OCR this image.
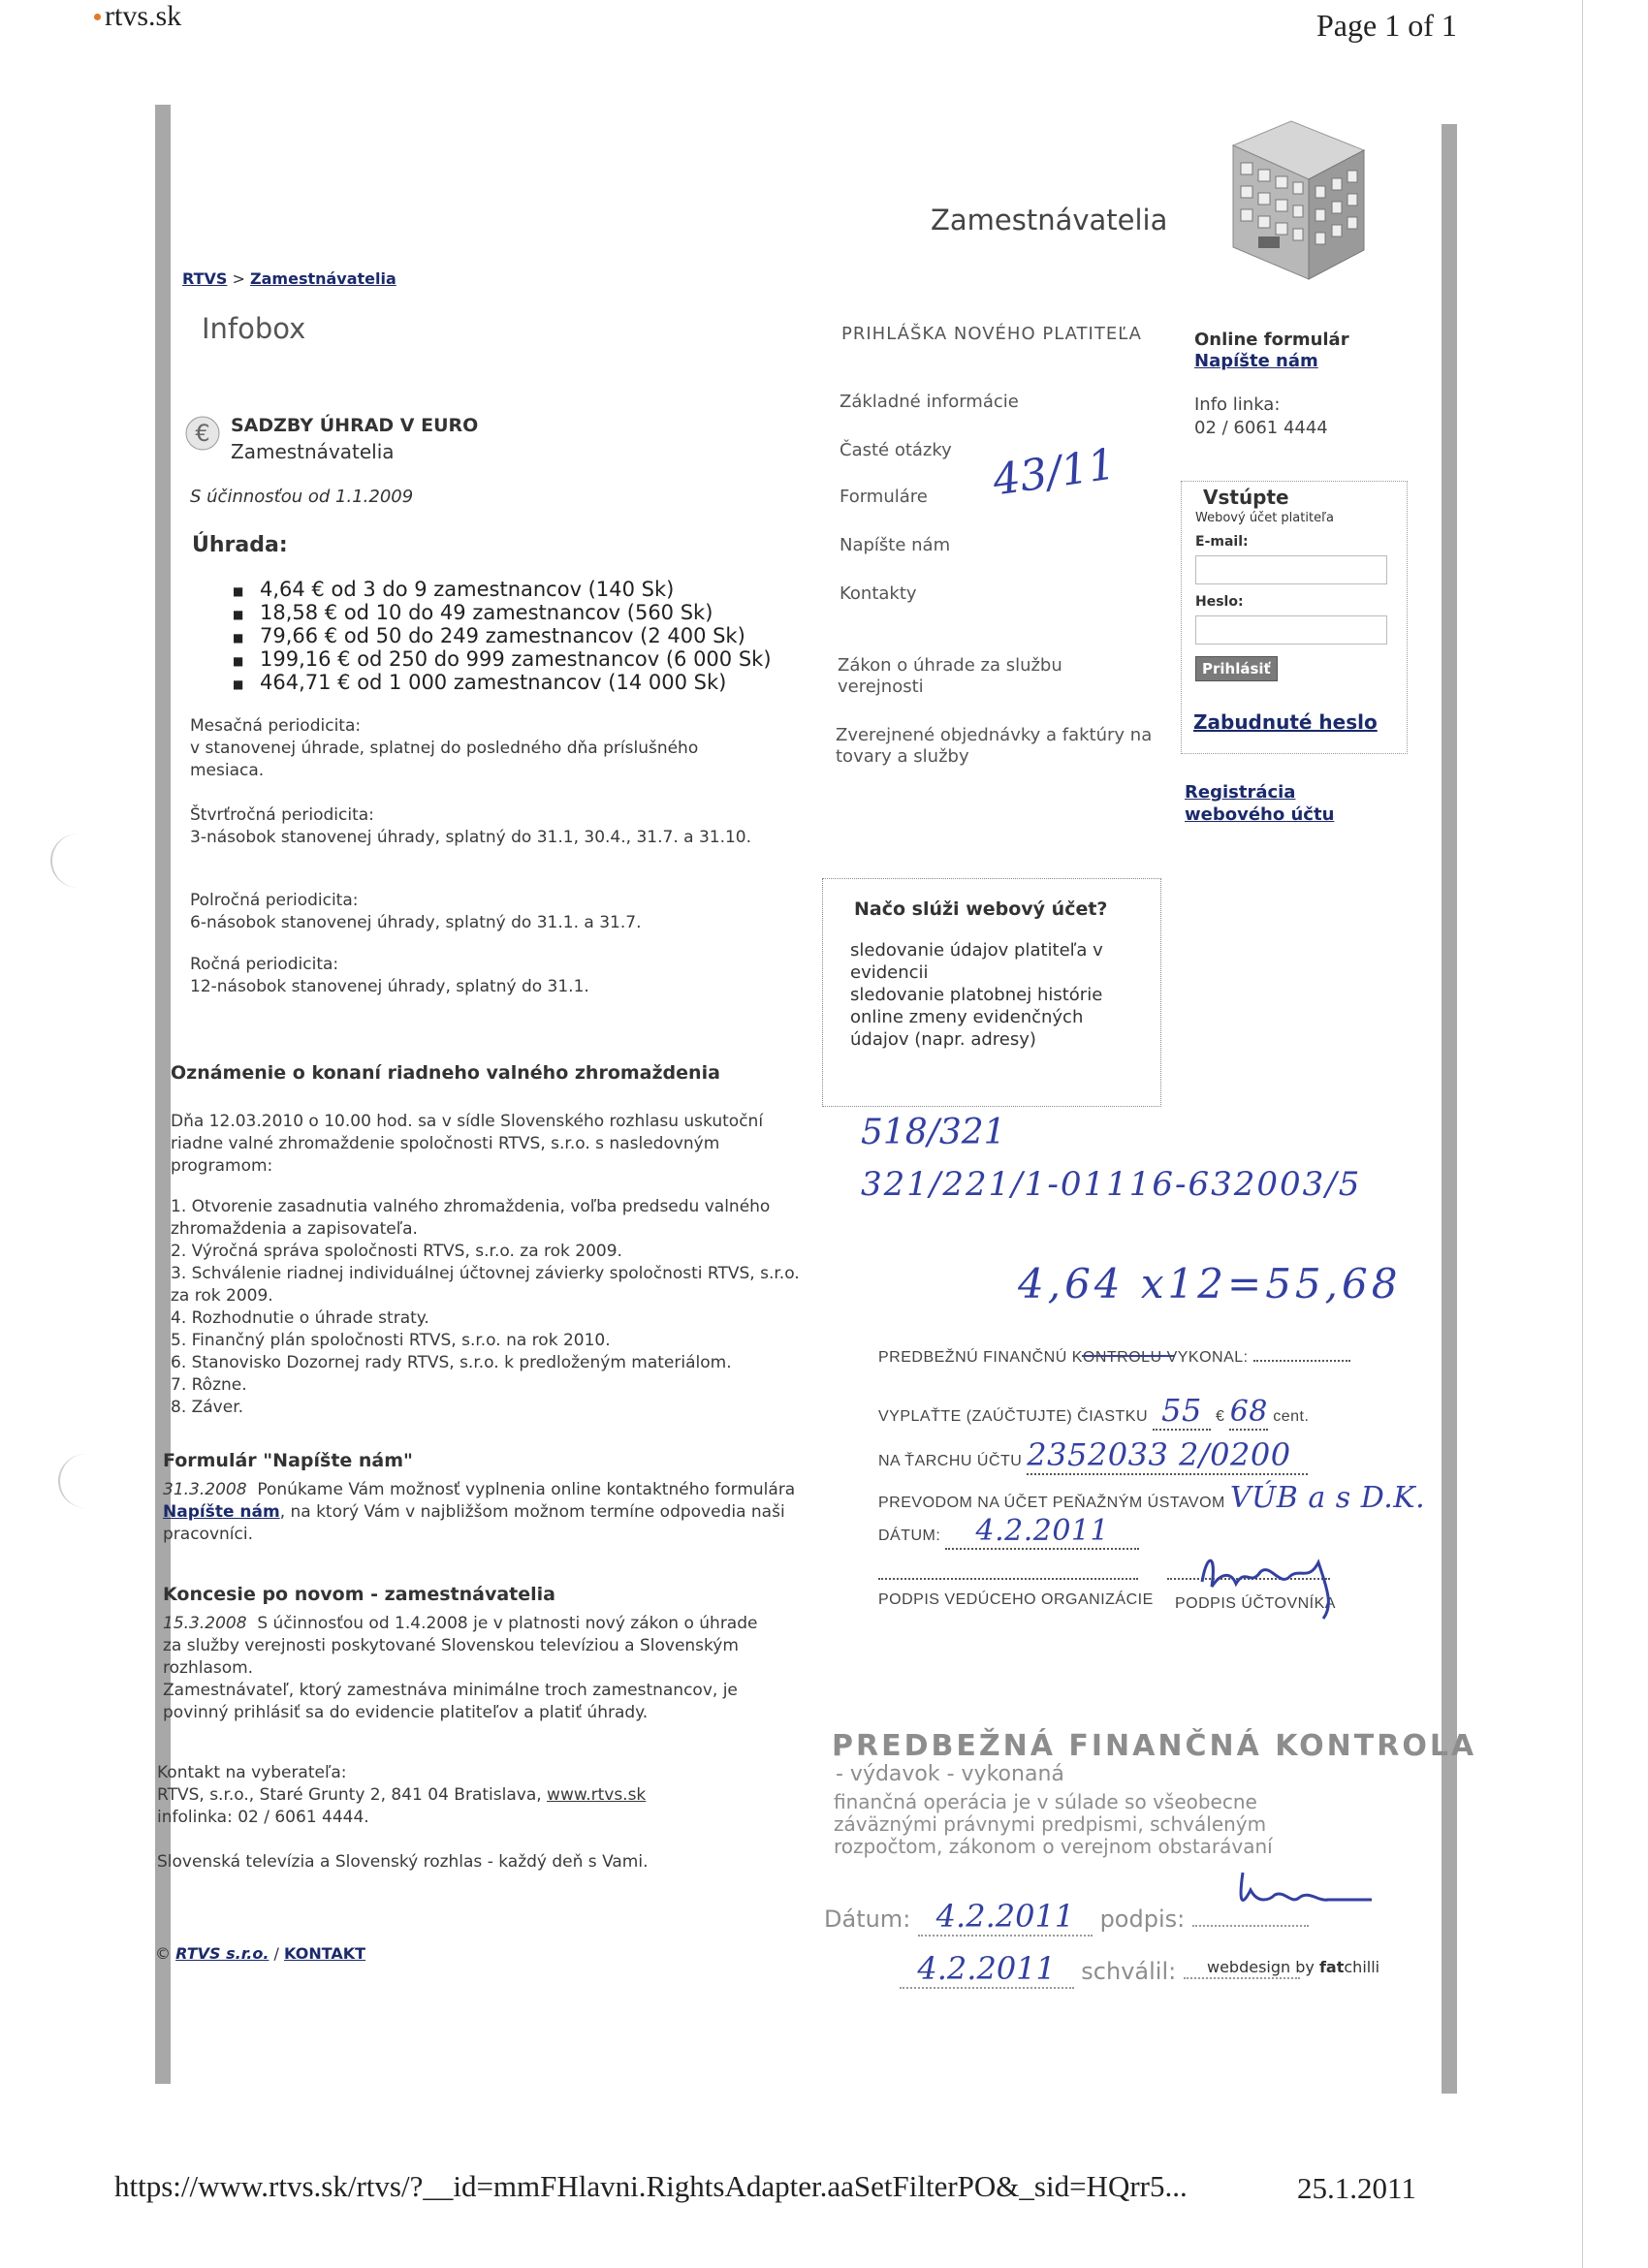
rtvs.sk	Page 1 of 1
https://www.rtvs.sk/rtvs/?__id=mmFHlavni.RightsAdapter.aaSetFilterPO&_sid=HQrr5...	25.1.2011
Zamestnávatelia
RTVS > Zamestnávatelia
Infobox
€ SADZBY ÚHRAD V EURO
Zamestnávatelia
S účinnosťou od 1.1.2009
Úhrada:
■ 4,64 € od 3 do 9 zamestnancov (140 Sk)
■ 18,58 € od 10 do 49 zamestnancov (560 Sk)
■ 79,66 € od 50 do 249 zamestnancov (2 400 Sk)
■ 199,16 € od 250 do 999 zamestnancov (6 000 Sk)
■ 464,71 € od 1 000 zamestnancov (14 000 Sk)
Mesačná periodicita:
v stanovenej úhrade, splatnej do posledného dňa príslušného mesiaca.
Štvrťročná periodicita:
3-násobok stanovenej úhrady, splatný do 31.1, 30.4., 31.7. a 31.10.
Polročná periodicita:
6-násobok stanovenej úhrady, splatný do 31.1. a 31.7.
Ročná periodicita:
12-násobok stanovenej úhrady, splatný do 31.1.
Oznámenie o konaní riadneho valného zhromaždenia
Dňa 12.03.2010 o 10.00 hod. sa v sídle Slovenského rozhlasu uskutoční riadne valné zhromaždenie spoločnosti RTVS, s.r.o. s nasledovným programom:
1. Otvorenie zasadnutia valného zhromaždenia, voľba predsedu valného zhromaždenia a zapisovateľa.
2. Výročná správa spoločnosti RTVS, s.r.o. za rok 2009.
3. Schválenie riadnej individuálnej účtovnej závierky spoločnosti RTVS, s.r.o. za rok 2009.
4. Rozhodnutie o úhrade straty.
5. Finančný plán spoločnosti RTVS, s.r.o. na rok 2010.
6. Stanovisko Dozornej rady RTVS, s.r.o. k predloženým materiálom.
7. Rôzne.
8. Záver.
Formulár "Napíšte nám"
31.3.2008 Ponúkame Vám možnosť vyplnenia online kontaktného formulára Napíšte nám, na ktorý Vám v najbližšom možnom termíne odpovedia naši pracovníci.
Koncesie po novom - zamestnávatelia
15.3.2008 S účinnosťou od 1.4.2008 je v platnosti nový zákon o úhrade za služby verejnosti poskytované Slovenskou televíziou a Slovenským rozhlasom.
Zamestnávateľ, ktorý zamestnáva minimálne troch zamestnancov, je povinný prihlásiť sa do evidencie platiteľov a platiť úhrady.
Kontakt na vyberateľa:
RTVS, s.r.o., Staré Grunty 2, 841 04 Bratislava, www.rtvs.sk
infolinka: 02 / 6061 4444.
Slovenská televízia a Slovenský rozhlas - každý deň s Vami.
© RTVS s.r.o. / KONTAKT
webdesign by fatchilli
PRIHLÁŠKA NOVÉHO PLATITEĽA
Základné informácie
Časté otázky
Formuláre
Napíšte nám
Kontakty
Zákon o úhrade za službu verejnosti
Zverejnené objednávky a faktúry na tovary a služby
Online formulár
Napíšte nám
Info linka:
02 / 6061 4444
Vstúpte
Webový účet platiteľa
E-mail:
Heslo:
Prihlásiť
Zabudnuté heslo
Registrácia
webového účtu
Načo slúži webový účet?
sledovanie údajov platiteľa v evidencii
sledovanie platobnej histórie
online zmeny evidenčných údajov (napr. adresy)
43/11
518/321
321/221/1-01116-632003/5
4,64 x12=55,68
PREDBEŽNÚ FINANČNÚ KONTROLU VYKONAL:
VYPLAŤTE (ZAÚČTUJTE) ČIASTKU 55 € 68 cent.
NA ŤARCHU ÚČTU 2352033 2/0200
PREVODOM NA ÚČET PEŇAŽNÝM ÚSTAVOM VÚB a s D.K.
DÁTUM: 4.2.2011
PODPIS VEDÚCEHO ORGANIZÁCIE PODPIS ÚČTOVNÍKA
PREDBEŽNÁ FINANČNÁ KONTROLA
- výdavok - vykonaná
finančná operácia je v súlade so všeobecne
záväznými právnymi predpismi, schváleným
rozpočtom, zákonom o verejnom obstarávaní
Dátum: 4.2.2011 podpis:
4.2.2011 schválil:
